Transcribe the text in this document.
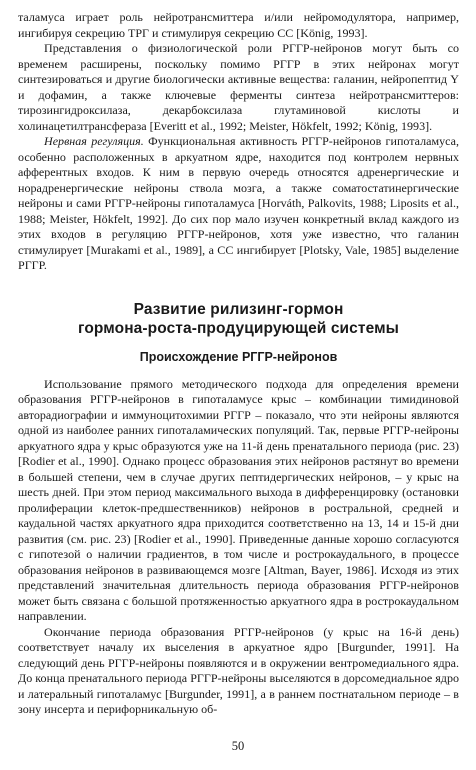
таламуса играет роль нейротрансмиттера и/или нейромодулятора, например, ингибируя секрецию ТРГ и стимулируя секрецию СС [König, 1993].

Представления о физиологической роли РГГР-нейронов могут быть со временем расширены, поскольку помимо РГГР в этих нейронах могут синтезироваться и другие биологически активные вещества: галанин, нейропептид Y и дофамин, а также ключевые ферменты синтеза нейротрансмиттеров: тирозингидроксилаза, декарбоксилаза глутаминовой кислоты и холинацетилтрансфераза [Everitt et al., 1992; Meister, Hökfelt, 1992; König, 1993].

Нервная регуляция. Функциональная активность РГГР-нейронов гипоталамуса, особенно расположенных в аркуатном ядре, находится под контролем нервных афферентных входов. К ним в первую очередь относятся адренергические и норадренергические нейроны ствола мозга, а также соматостатинергические нейроны и сами РГГР-нейроны гипоталамуса [Horváth, Palkovits, 1988; Liposits et al., 1988; Meister, Hökfelt, 1992]. До сих пор мало изучен конкретный вклад каждого из этих входов в регуляцию РГГР-нейронов, хотя уже известно, что галанин стимулирует [Murakami et al., 1989], а СС ингибирует [Plotsky, Vale, 1985] выделение РГГР.

Развитие рилизинг-гормон
гормона-роста-продуцирующей системы
Происхождение РГГР-нейронов

Использование прямого методического подхода для определения времени образования РГГР-нейронов в гипоталамусе крыс – комбинации тимидиновой авторадиографии и иммуноцитохимии РГГР – показало, что эти нейроны являются одной из наиболее ранних гипоталамических популяций. Так, первые РГГР-нейроны аркуатного ядра у крыс образуются уже на 11-й день пренатального периода (рис. 23) [Rodier et al., 1990]. Однако процесс образования этих нейронов растянут во времени в большей степени, чем в случае других пептидергических нейронов, – у крыс на шесть дней. При этом период максимального выхода в дифференцировку (остановки пролиферации клеток-предшественников) нейронов в ростральной, средней и каудальной частях аркуатного ядра приходится соответственно на 13, 14 и 15-й дни развития (см. рис. 23) [Rodier et al., 1990]. Приведенные данные хорошо согласуются с гипотезой о наличии градиентов, в том числе и рострокаудального, в процессе образования нейронов в развивающемся мозге [Altman, Bayer, 1986]. Исходя из этих представлений значительная длительность периода образования РГГР-нейронов может быть связана с большой протяженностью аркуатного ядра в рострокаудальном направлении.

Окончание периода образования РГГР-нейронов (у крыс на 16-й день) соответствует началу их выселения в аркуатное ядро [Burgunder, 1991]. На следующий день РГГР-нейроны появляются и в окружении вентромедиального ядра. До конца пренатального периода РГГР-нейроны выселяются в дорсомедиальное ядро и латеральный гипоталамус [Burgunder, 1991], а в раннем постнатальном периоде – в зону инсерта и перифорникальную об-

50
